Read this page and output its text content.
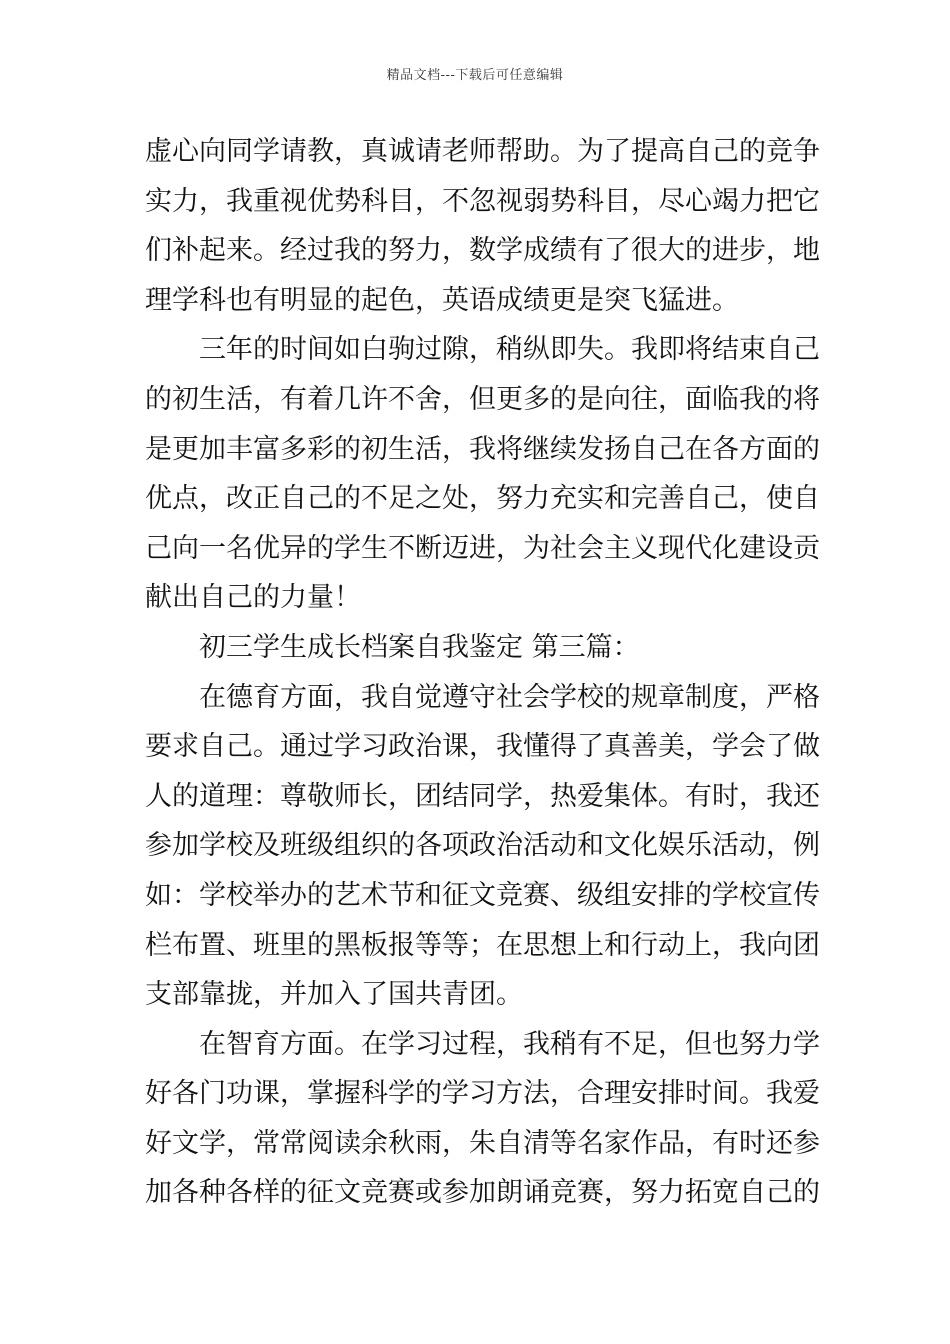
精品文档---下载后可任意编辑
虚心向同学请教，真诚请老师帮助。为了提高自己的竞争
实力，我重视优势科目，不忽视弱势科目，尽心竭力把它
们补起来。经过我的努力，数学成绩有了很大的进步，地
理学科也有明显的起色，英语成绩更是突飞猛进。
三年的时间如白驹过隙，稍纵即失。我即将结束自己
的初生活，有着几许不舍，但更多的是向往，面临我的将
是更加丰富多彩的初生活，我将继续发扬自己在各方面的
优点，改正自己的不足之处，努力充实和完善自己，使自
己向一名优异的学生不断迈进，为社会主义现代化建设贡
献出自己的力量！
初三学生成长档案自我鉴定 第三篇：
在德育方面，我自觉遵守社会学校的规章制度，严格
要求自己。通过学习政治课，我懂得了真善美，学会了做
人的道理：尊敬师长，团结同学，热爱集体。有时，我还
参加学校及班级组织的各项政治活动和文化娱乐活动，例
如：学校举办的艺术节和征文竞赛、级组安排的学校宣传
栏布置、班里的黑板报等等；在思想上和行动上，我向团
支部靠拢，并加入了国共青团。
在智育方面。在学习过程，我稍有不足，但也努力学
好各门功课，掌握科学的学习方法，合理安排时间。我爱
好文学，常常阅读余秋雨，朱自清等名家作品，有时还参
加各种各样的征文竞赛或参加朗诵竞赛，努力拓宽自己的
